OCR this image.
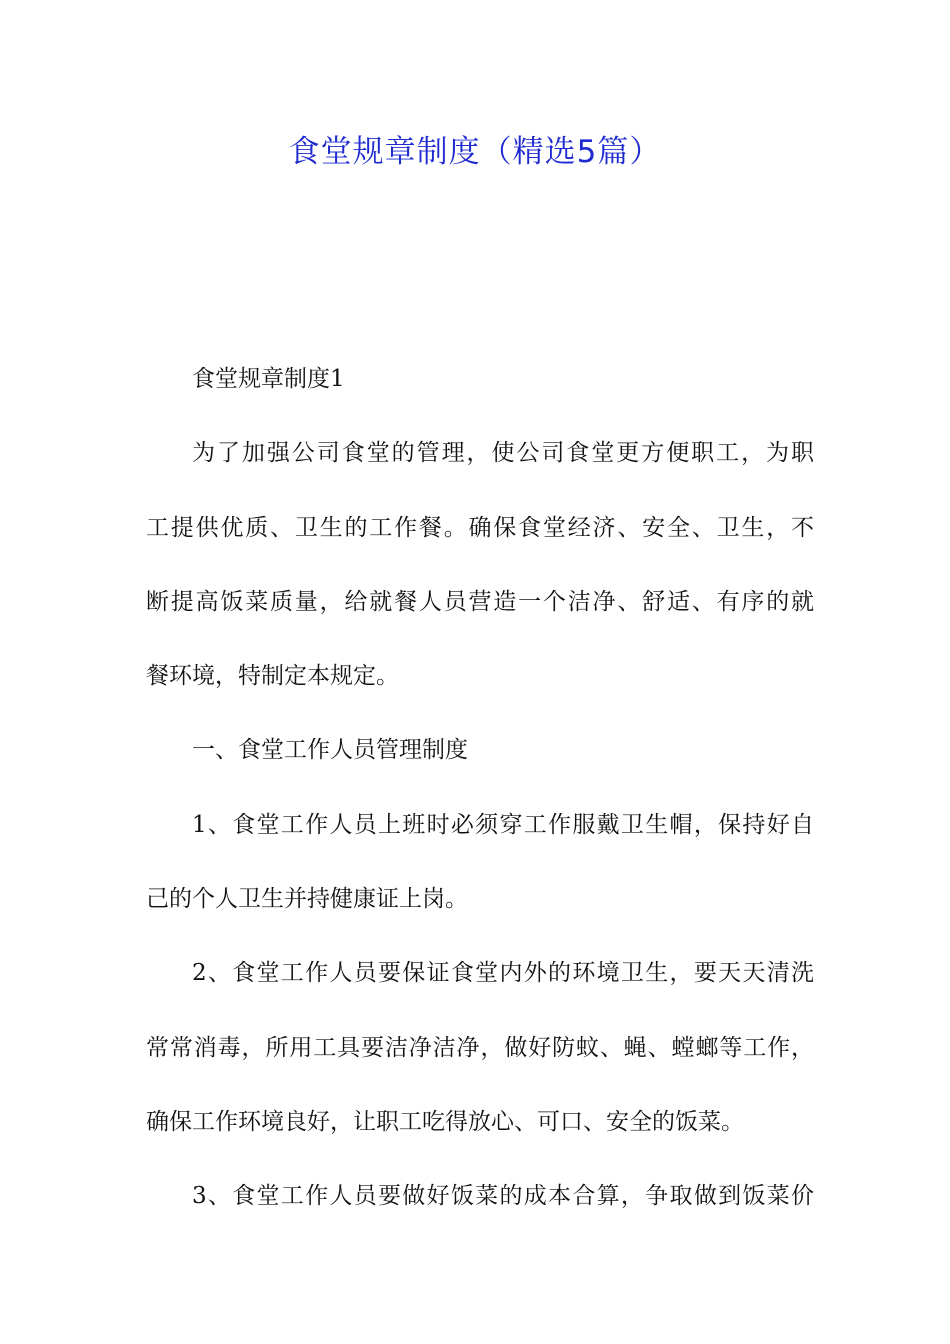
食堂规章制度（精选5篇）
食堂规章制度1
为了加强公司食堂的管理，使公司食堂更方便职工，为职
工提供优质、卫生的工作餐。确保食堂经济、安全、卫生，不
断提高饭菜质量，给就餐人员营造一个洁净、舒适、有序的就
餐环境，特制定本规定。
一、食堂工作人员管理制度
1、食堂工作人员上班时必须穿工作服戴卫生帽，保持好自
己的个人卫生并持健康证上岗。
2、食堂工作人员要保证食堂内外的环境卫生，要天天清洗
常常消毒，所用工具要洁净洁净，做好防蚊、蝇、螳螂等工作，
确保工作环境良好，让职工吃得放心、可口、安全的饭菜。
3、食堂工作人员要做好饭菜的成本合算，争取做到饭菜价
